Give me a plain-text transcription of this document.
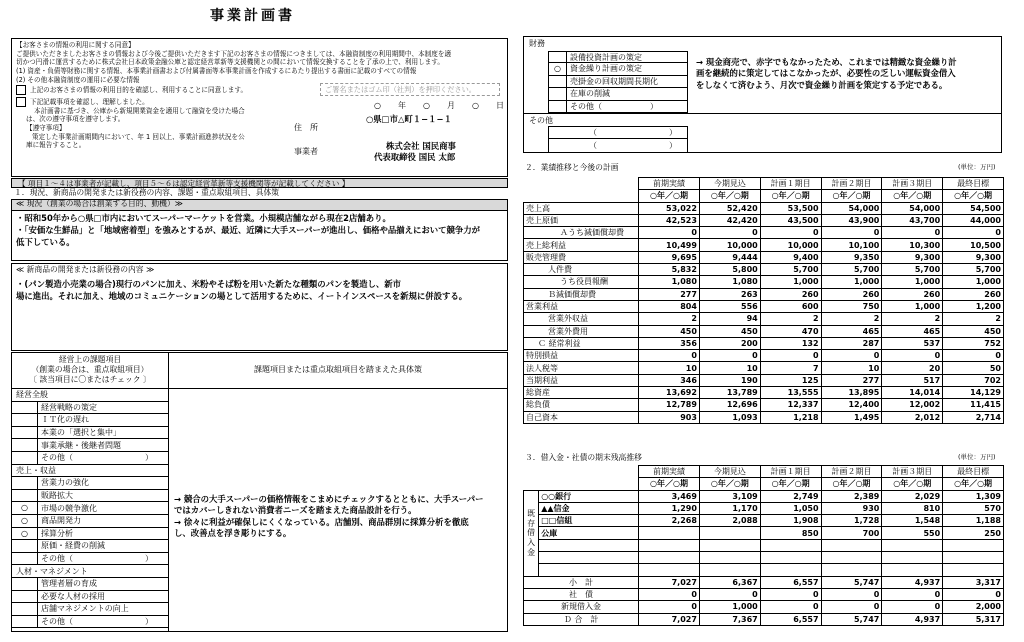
事業計画書
【お客さまの情報の利用に関する同意】
ご提供いただきましたお客さまの情報および今後ご提供いただきます下記のお客さまの情報につきましては、本融資制度の利用期間中、本制度を適
切かつ円滑に運営するために株式会社日本政策金融公庫と認定経営革新等支援機関との間において情報交換することを了承の上で、利用します。
(1) 資産・負債等財務に関する情報、本事業計画書および付属書面等本事業計画を作成するにあたり提出する書面に記載のすべての情報
(2) その他本融資制度の運用に必要な情報
上記のお客さまの情報の利用目的を確認し、利用することに同意します。
下記記載事項を確認し、理解しました。
本計画書に基づき、公庫から新規開業資金を適用して融資を受けた場合
は、次の遵守事項を遵守します。
【遵守事項】
策定した事業計画期間内において、年 1 回以上、事業計画進捗状況を公
庫に報告すること。
ご署名またはゴム印（社判）を押印ください。
○ 年 ○ 月 ○ 日
○県□市△町１−１−１
住　所
事業者
株式会社 国民商事
代表取締役 国民 太郎
【 項目１～４は事業者が記載し、項目５～６は認定経営革新等支援機関等が記載してください 】
１．現況、新商品の開発または新役務の内容、課題・重点取組項目、具体策
≪ 現況（創業の場合は創業する目的、動機）≫
・昭和50年から○県□市内においてスーパーマーケットを営業。小規模店舗ながら現在2店舗あり。
・「安価な生鮮品」と「地域密着型」を強みとするが、最近、近隣に大手スーパーが進出し、価格や品揃えにおいて競争力が
低下している。
≪ 新商品の開発または新役務の内容 ≫
・(パン製造小売業の場合)現行のパンに加え、米粉やそば粉を用いた新たな種類のパンを製造し、新市
場に進出。それに加え、地域のコミュニケーションの場として活用するために、イートインスペースを新規に併設する。
経営上の課題項目
（創業の場合は、重点取組項目）
〔 該当項目に〇またはチェック 〕
課題項目または重点取組項目を踏まえた具体策
経営全般
経営戦略の策定
ＩＴ化の遅れ
本業の「選択と集中」
事業承継・後継者問題
その他（　　　　　　　　　）
売上・収益
営業力の強化
販路拡大
○	市場の競争激化
○	商品開発力
○	採算分析
原価・経費の削減
その他（　　　　　　　　　）
人材・マネジメント
管理者層の育成
必要な人材の採用
店舗マネジメントの向上
その他（　　　　　　　　　）
→ 競合の大手スーパーの価格情報をこまめにチェックするとともに、大手スーパー
ではカバーしきれない消費者ニーズを踏まえた商品設計を行う。
→ 徐々に利益が確保しにくくなっている。店舗別、商品群別に採算分析を徹底
し、改善点を浮き彫りにする。
財務
設備投資計画の策定
○	資金繰り計画の策定
売掛金の回収期間長期化
在庫の削減
その他（　　　　　　）
→ 現金商売で、赤字でもなかったため、これまでは精緻な資金繰り計
画を継続的に策定してはこなかったが、必要性の乏しい運転資金借入
をしなくて済むよう、月次で資金繰り計画を策定する予定である。
その他
（　　　　　　　　　）
（　　　　　　　　　）
２．業績推移と今後の計画	(単位：万円)
	前期実績	今期見込	計画１期目	計画２期目	計画３期目	最終目標
	○年／○期	○年／○期	○年／○期	○年／○期	○年／○期	○年／○期
売上高	53,022	52,420	53,500	54,000	54,000	54,500
売上原価	42,523	42,420	43,500	43,900	43,700	44,000
Ａうち減価償却費	0	0	0	0	0	0
売上総利益	10,499	10,000	10,000	10,100	10,300	10,500
販売管理費	9,695	9,444	9,400	9,350	9,300	9,300
人件費	5,832	5,800	5,700	5,700	5,700	5,700
うち役員報酬	1,080	1,080	1,000	1,000	1,000	1,000
Ｂ減価償却費	277	263	260	260	260	260
営業利益	804	556	600	750	1,000	1,200
営業外収益	2	94	2	2	2	2
営業外費用	450	450	470	465	465	450
Ｃ 経常利益	356	200	132	287	537	752
特別損益	0	0	0	0	0	0
法人税等	10	10	7	10	20	50
当期利益	346	190	125	277	517	702
総資産	13,692	13,789	13,555	13,895	14,014	14,129
総負債	12,789	12,696	12,337	12,400	12,002	11,415
自己資本	903	1,093	1,218	1,495	2,012	2,714
３．借入金・社債の期末残高推移	(単位：万円)
		前期実績	今期見込	計画１期目	計画２期目	計画３期目	最終目標
		○年／○期	○年／○期	○年／○期	○年／○期	○年／○期	○年／○期

既
存
借
入
金	○○銀行	3,469	3,109	2,749	2,389	2,029	1,309
	▲▲信金	1,290	1,170	1,050	930	810	570
	□□信組	2,268	2,088	1,908	1,728	1,548	1,188
	公庫			850	700	550	250

小　計		7,027	6,367	6,557	5,747	4,937	3,317
社　債		0	0	0	0	0	0
新規借入金		0	1,000	0	0	0	2,000
Ｄ 合　計		7,027	7,367	6,557	5,747	4,937	5,317
